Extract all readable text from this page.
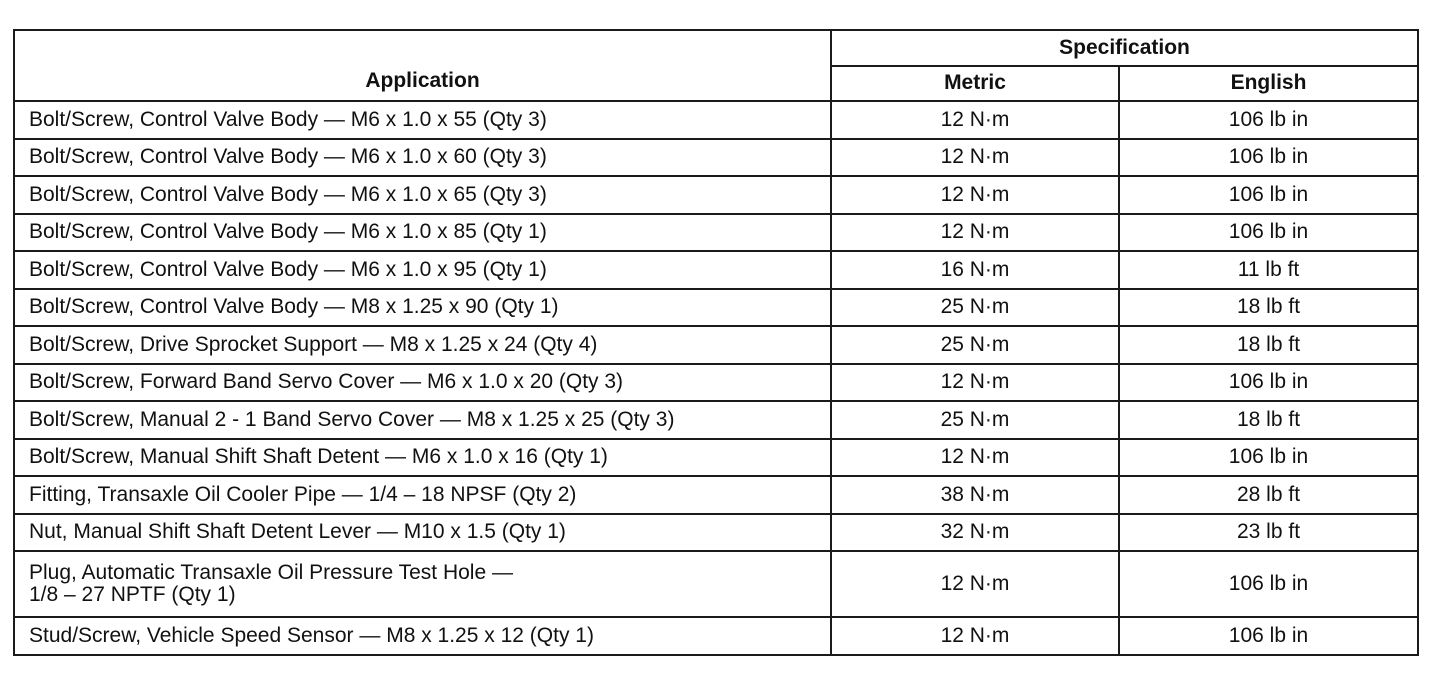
Application	Specification	
	Metric	English
Bolt/Screw, Control Valve Body — M6 x 1.0 x 55 (Qty 3)	12 N·m	106 lb in
Bolt/Screw, Control Valve Body — M6 x 1.0 x 60 (Qty 3)	12 N·m	106 lb in
Bolt/Screw, Control Valve Body — M6 x 1.0 x 65 (Qty 3)	12 N·m	106 lb in
Bolt/Screw, Control Valve Body — M6 x 1.0 x 85 (Qty 1)	12 N·m	106 lb in
Bolt/Screw, Control Valve Body — M6 x 1.0 x 95 (Qty 1)	16 N·m	11 lb ft
Bolt/Screw, Control Valve Body — M8 x 1.25 x 90 (Qty 1)	25 N·m	18 lb ft
Bolt/Screw, Drive Sprocket Support — M8 x 1.25 x 24 (Qty 4)	25 N·m	18 lb ft
Bolt/Screw, Forward Band Servo Cover — M6 x 1.0 x 20 (Qty 3)	12 N·m	106 lb in
Bolt/Screw, Manual 2 - 1 Band Servo Cover — M8 x 1.25 x 25 (Qty 3)	25 N·m	18 lb ft
Bolt/Screw, Manual Shift Shaft Detent — M6 x 1.0 x 16 (Qty 1)	12 N·m	106 lb in
Fitting, Transaxle Oil Cooler Pipe — 1/4 – 18 NPSF (Qty 2)	38 N·m	28 lb ft
Nut, Manual Shift Shaft Detent Lever — M10 x 1.5 (Qty 1)	32 N·m	23 lb ft
Plug, Automatic Transaxle Oil Pressure Test Hole —
1/8 – 27 NPTF (Qty 1)	12 N·m	106 lb in
Stud/Screw, Vehicle Speed Sensor — M8 x 1.25 x 12 (Qty 1)	12 N·m	106 lb in
